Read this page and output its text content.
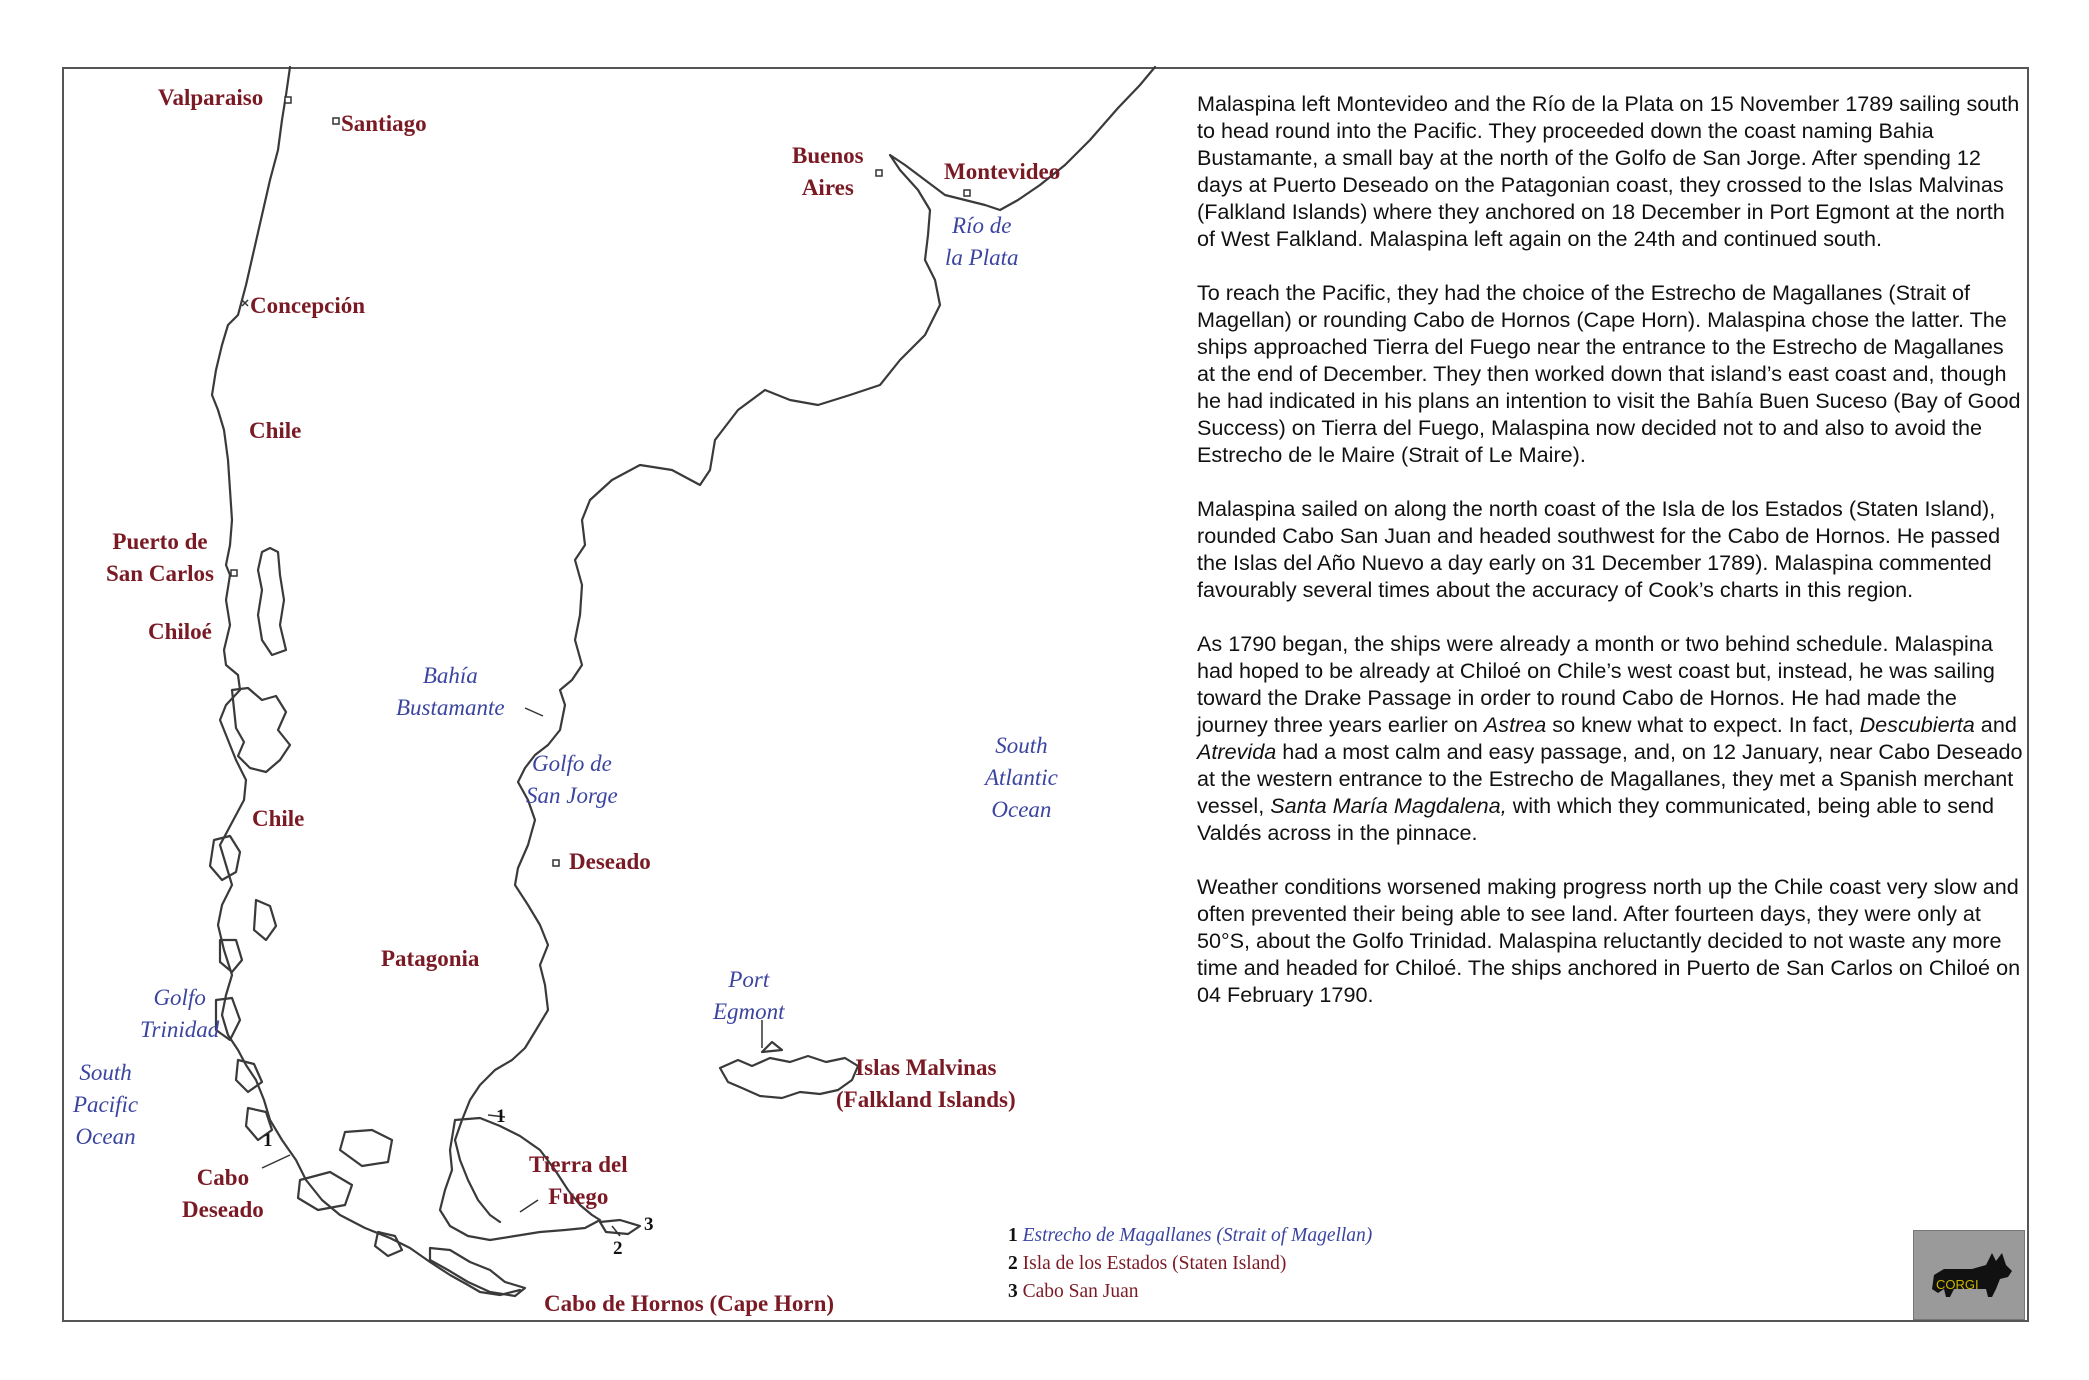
Valparaiso
Santiago
Concepción
Chile
Puerto de
San Carlos
Chiloé
Chile
Buenos
Aires
Montevideo
Deseado
Patagonia
Islas Malvinas
(Falkland Islands)
Tierra del
Fuego
Cabo
Deseado
Cabo de Hornos (Cape Horn)
Río de
la Plata
Bahía
Bustamante
Golfo de
San Jorge
South
Atlantic
Ocean
Port
Egmont
Golfo
Trinidad
South
Pacific
Ocean
1
1
2
3

Malaspina left Montevideo and the Río de la Plata on 15 November 1789 sailing south to head round into the Pacific. They proceeded down the coast naming Bahia Bustamante, a small bay at the north of the Golfo de San Jorge. After spending 12 days at Puerto Deseado on the Patagonian coast, they crossed to the Islas Malvinas (Falkland Islands) where they anchored on 18 December in Port Egmont at the north of West Falkland. Malaspina left again on the 24th and continued south.

To reach the Pacific, they had the choice of the Estrecho de Magallanes (Strait of Magellan) or rounding Cabo de Hornos (Cape Horn). Malaspina chose the latter. The ships approached Tierra del Fuego near the entrance to the Estrecho de Magallanes at the end of December. They then worked down that island’s east coast and, though he had indicated in his plans an intention to visit the Bahía Buen Suceso (Bay of Good Success) on Tierra del Fuego, Malaspina now decided not to and also to avoid the Estrecho de le Maire (Strait of Le Maire).

Malaspina sailed on along the north coast of the Isla de los Estados (Staten Island), rounded Cabo San Juan and headed southwest for the Cabo de Hornos. He passed the Islas del Año Nuevo a day early on 31 December 1789). Malaspina commented favourably several times about the accuracy of Cook’s charts in this region.

As 1790 began, the ships were already a month or two behind schedule. Malaspina had hoped to be already at Chiloé on Chile’s west coast but, instead, he was sailing toward the Drake Passage in order to round Cabo de Hornos. He had made the journey three years earlier on Astrea so knew what to expect. In fact, Descubierta and Atrevida had a most calm and easy passage, and, on 12 January, near Cabo Deseado at the western entrance to the Estrecho de Magallanes, they met a Spanish merchant vessel, Santa María Magdalena, with which they communicated, being able to send Valdés across in the pinnace.

Weather conditions worsened making progress north up the Chile coast very slow and often prevented their being able to see land. After fourteen days, they were only at 50°S, about the Golfo Trinidad. Malaspina reluctantly decided to not waste any more time and headed for Chiloé. The ships anchored in Puerto de San Carlos on Chiloé on 04 February 1790.

1 Estrecho de Magallanes (Strait of Magellan)
2 Isla de los Estados (Staten Island)
3 Cabo San Juan	CORGI
